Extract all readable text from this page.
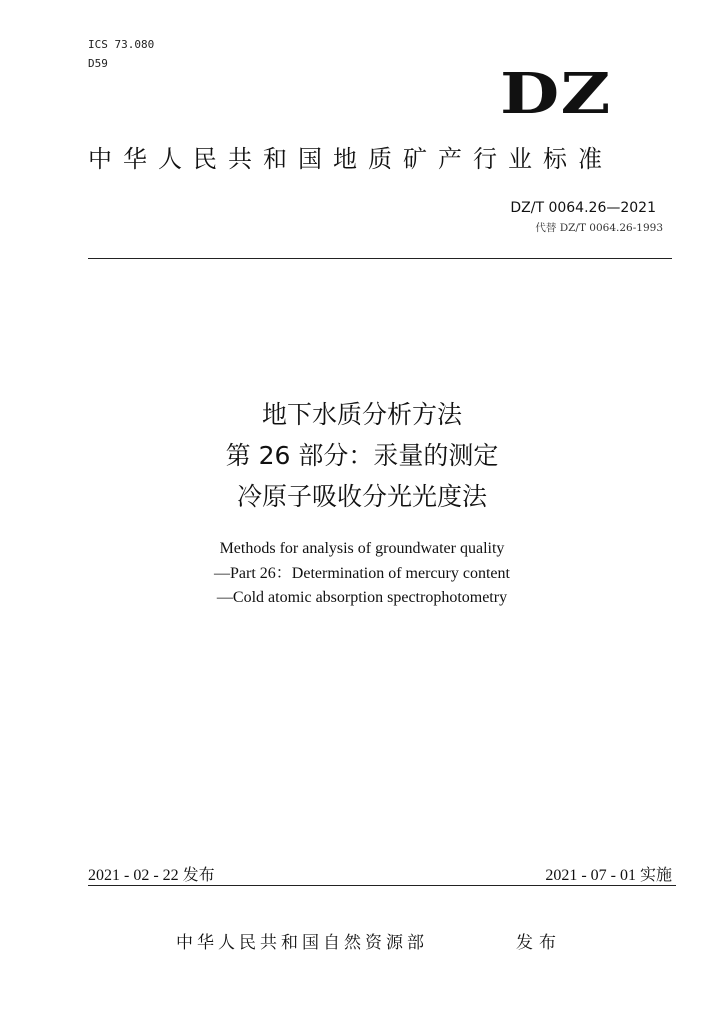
ICS 73.080
D59	DZ
中华人民共和国地质矿产行业标准
DZ/T 0064.26—2021
代替 DZ/T 0064.26-1993
地下水质分析方法
第 26 部分：汞量的测定
冷原子吸收分光光度法
Methods for analysis of groundwater quality
—Part 26：Determination of mercury content
—Cold atomic absorption spectrophotometry
2021 - 02 - 22 发布	2021 - 07 - 01 实施
中华人民共和国自然资源部	发布
